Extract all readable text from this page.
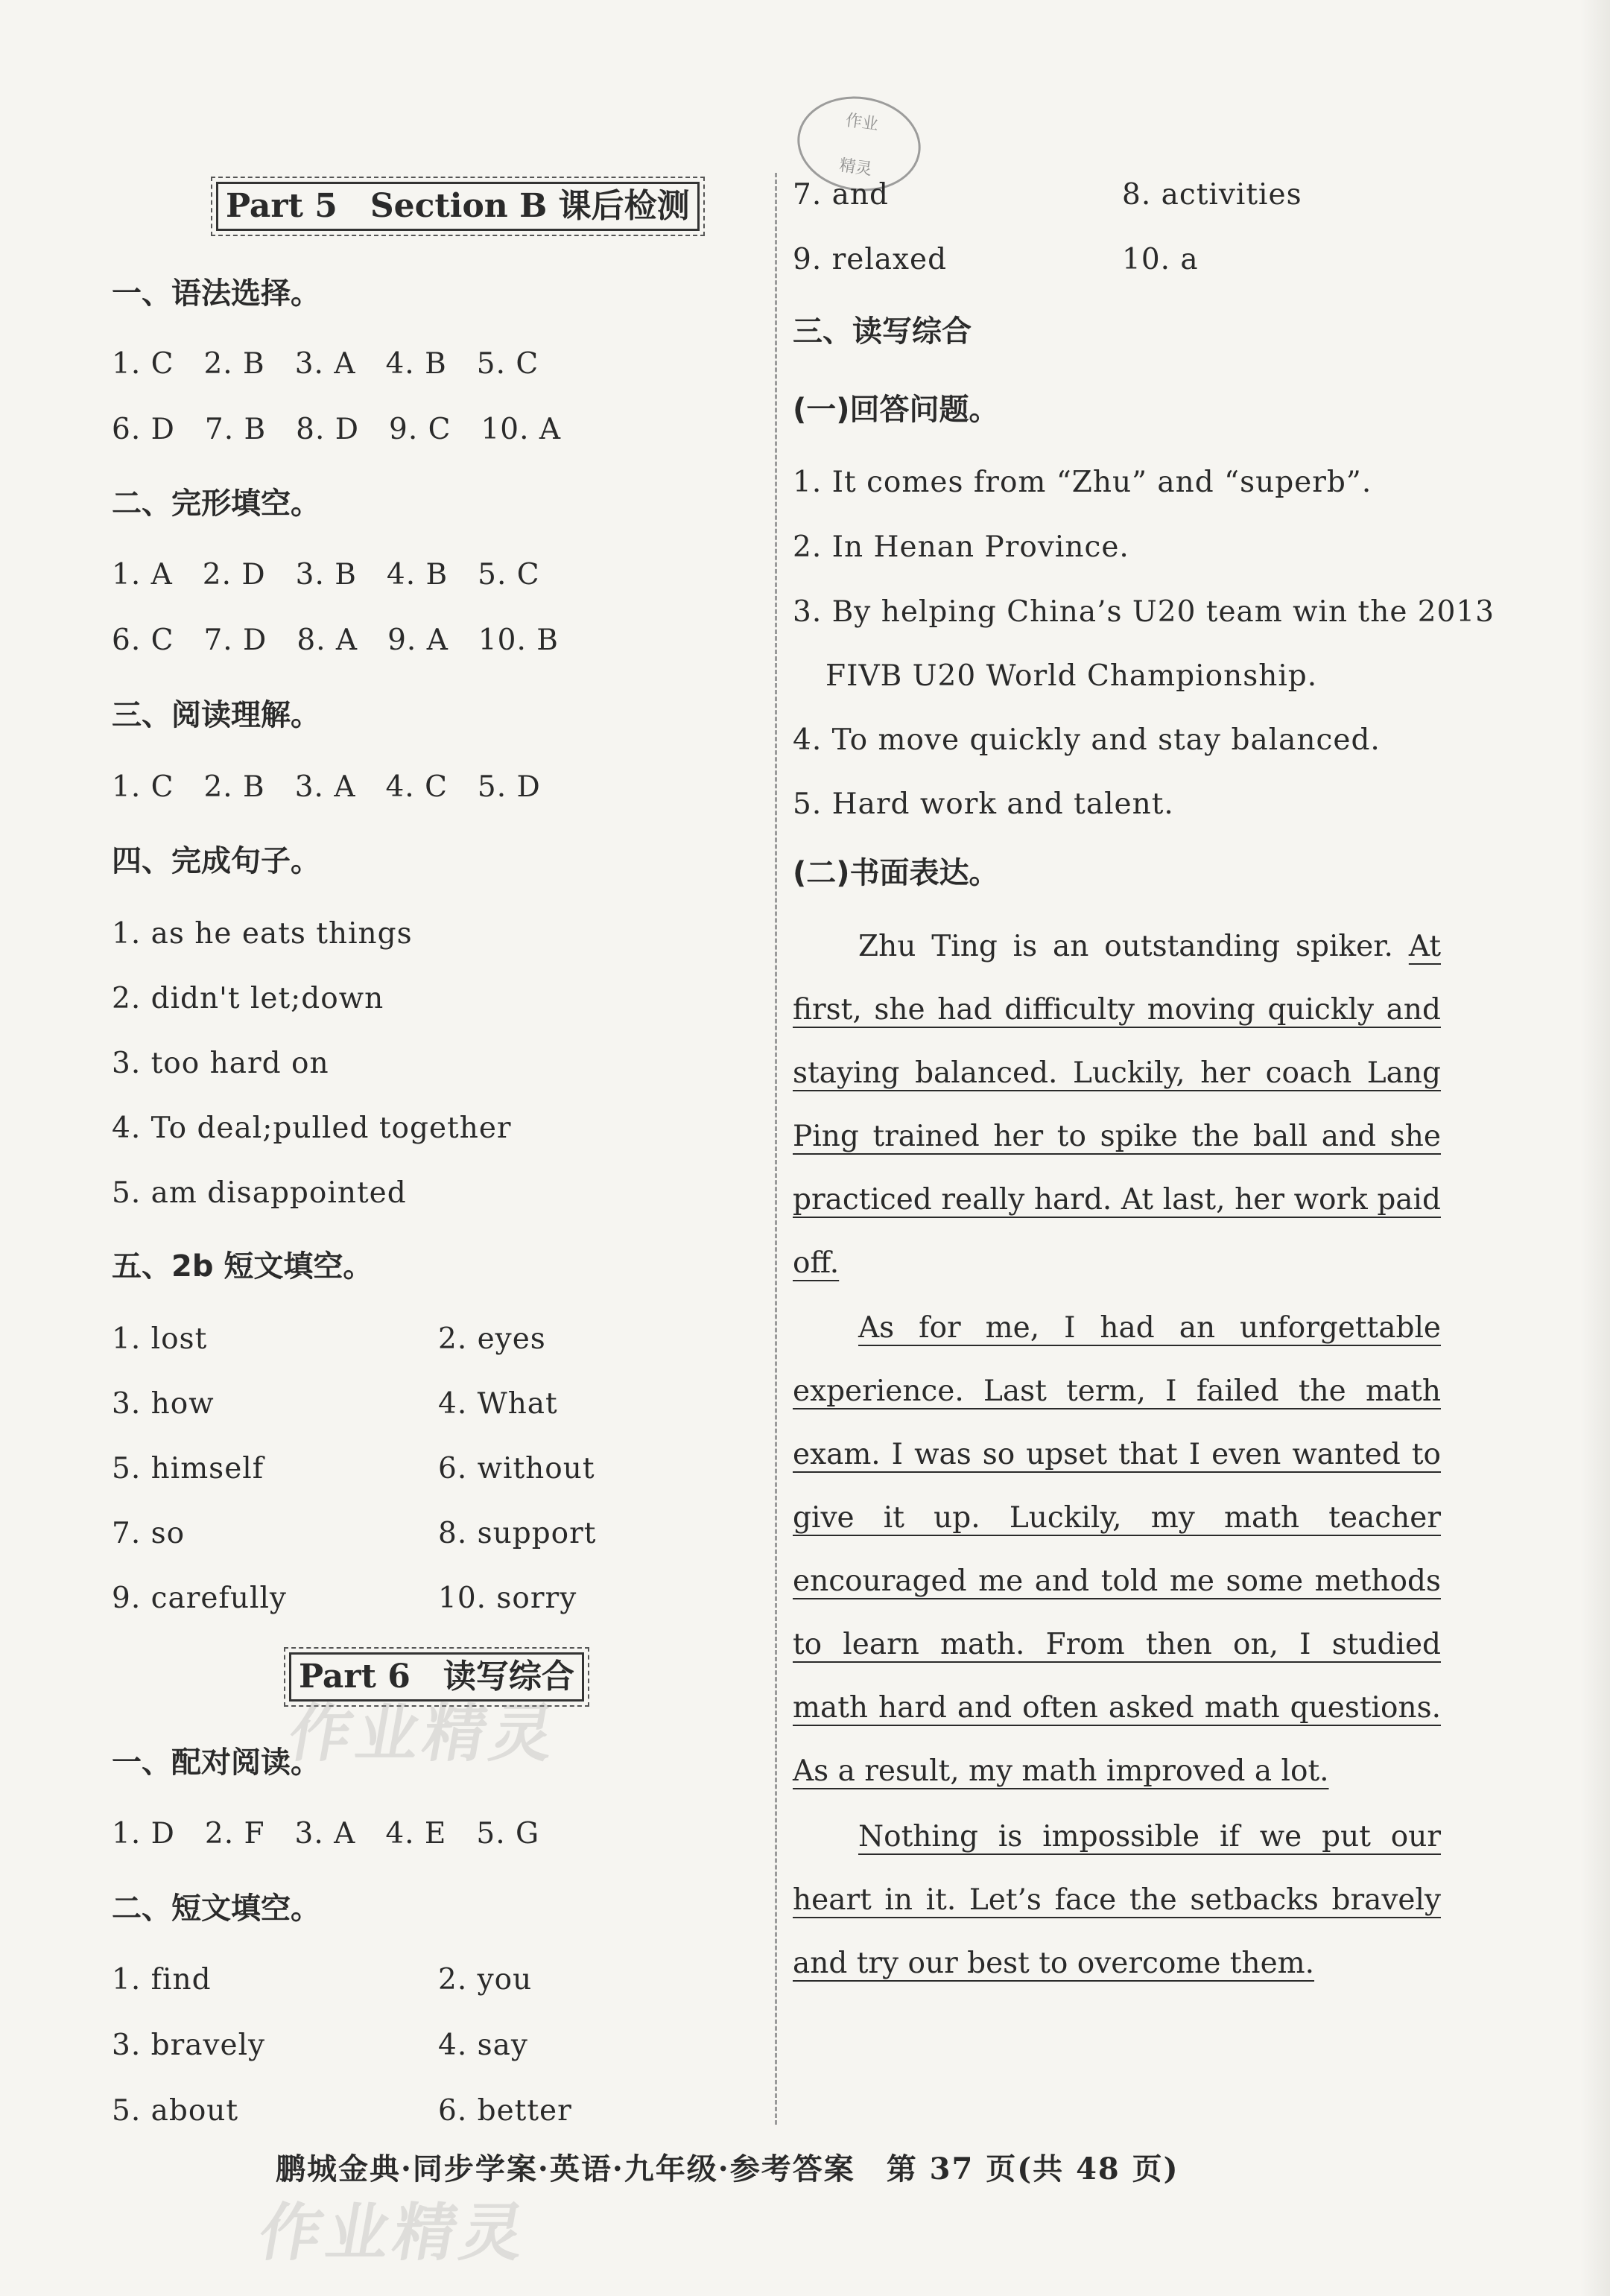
作业
精灵
Part 5　Section B 课后检测
一、语法选择。
1. C　2. B　3. A　4. B　5. C
6. D　7. B　8. D　9. C　10. A
二、完形填空。
1. A　2. D　3. B　4. B　5. C
6. C　7. D　8. A　9. A　10. B
三、阅读理解。
1. C　2. B　3. A　4. C　5. D
四、完成句子。
1. as he eats things
2. didn't let;down
3. too hard on
4. To deal;pulled together
5. am disappointed
五、2b 短文填空。
1. lost	2. eyes
3. how	4. What
5. himself	6. without
7. so	8. support
9. carefully	10. sorry
Part 6　读写综合
一、配对阅读。
1. D　2. F　3. A　4. E　5. G
二、短文填空。
1. find	2. you
3. bravely	4. say
5. about	6. better
作业精灵
7. and	8. activities
9. relaxed	10. a
三、读写综合
(一)回答问题。
1. It comes from “Zhu” and “superb”.
2. In Henan Province.
3. By helping China’s U20 team win the 2013
FIVB U20 World Championship.
4. To move quickly and stay balanced.
5. Hard work and talent.
(二)书面表达。
Zhu Ting is an outstanding spiker. At first, she had difficulty moving quickly and staying balanced. Luckily, her coach Lang Ping trained her to spike the ball and she practiced really hard. At last, her work paid off.
As for me, I had an unforgettable experience. Last term, I failed the math exam. I was so upset that I even wanted to give it up. Luckily, my math teacher encouraged me and told me some methods to learn math. From then on, I studied math hard and often asked math questions. As a result, my math improved a lot.
Nothing is impossible if we put our heart in it. Let’s face the setbacks bravely and try our best to overcome them.
鹏城金典·同步学案·英语·九年级·参考答案　第 37 页(共 48 页)
作业精灵
